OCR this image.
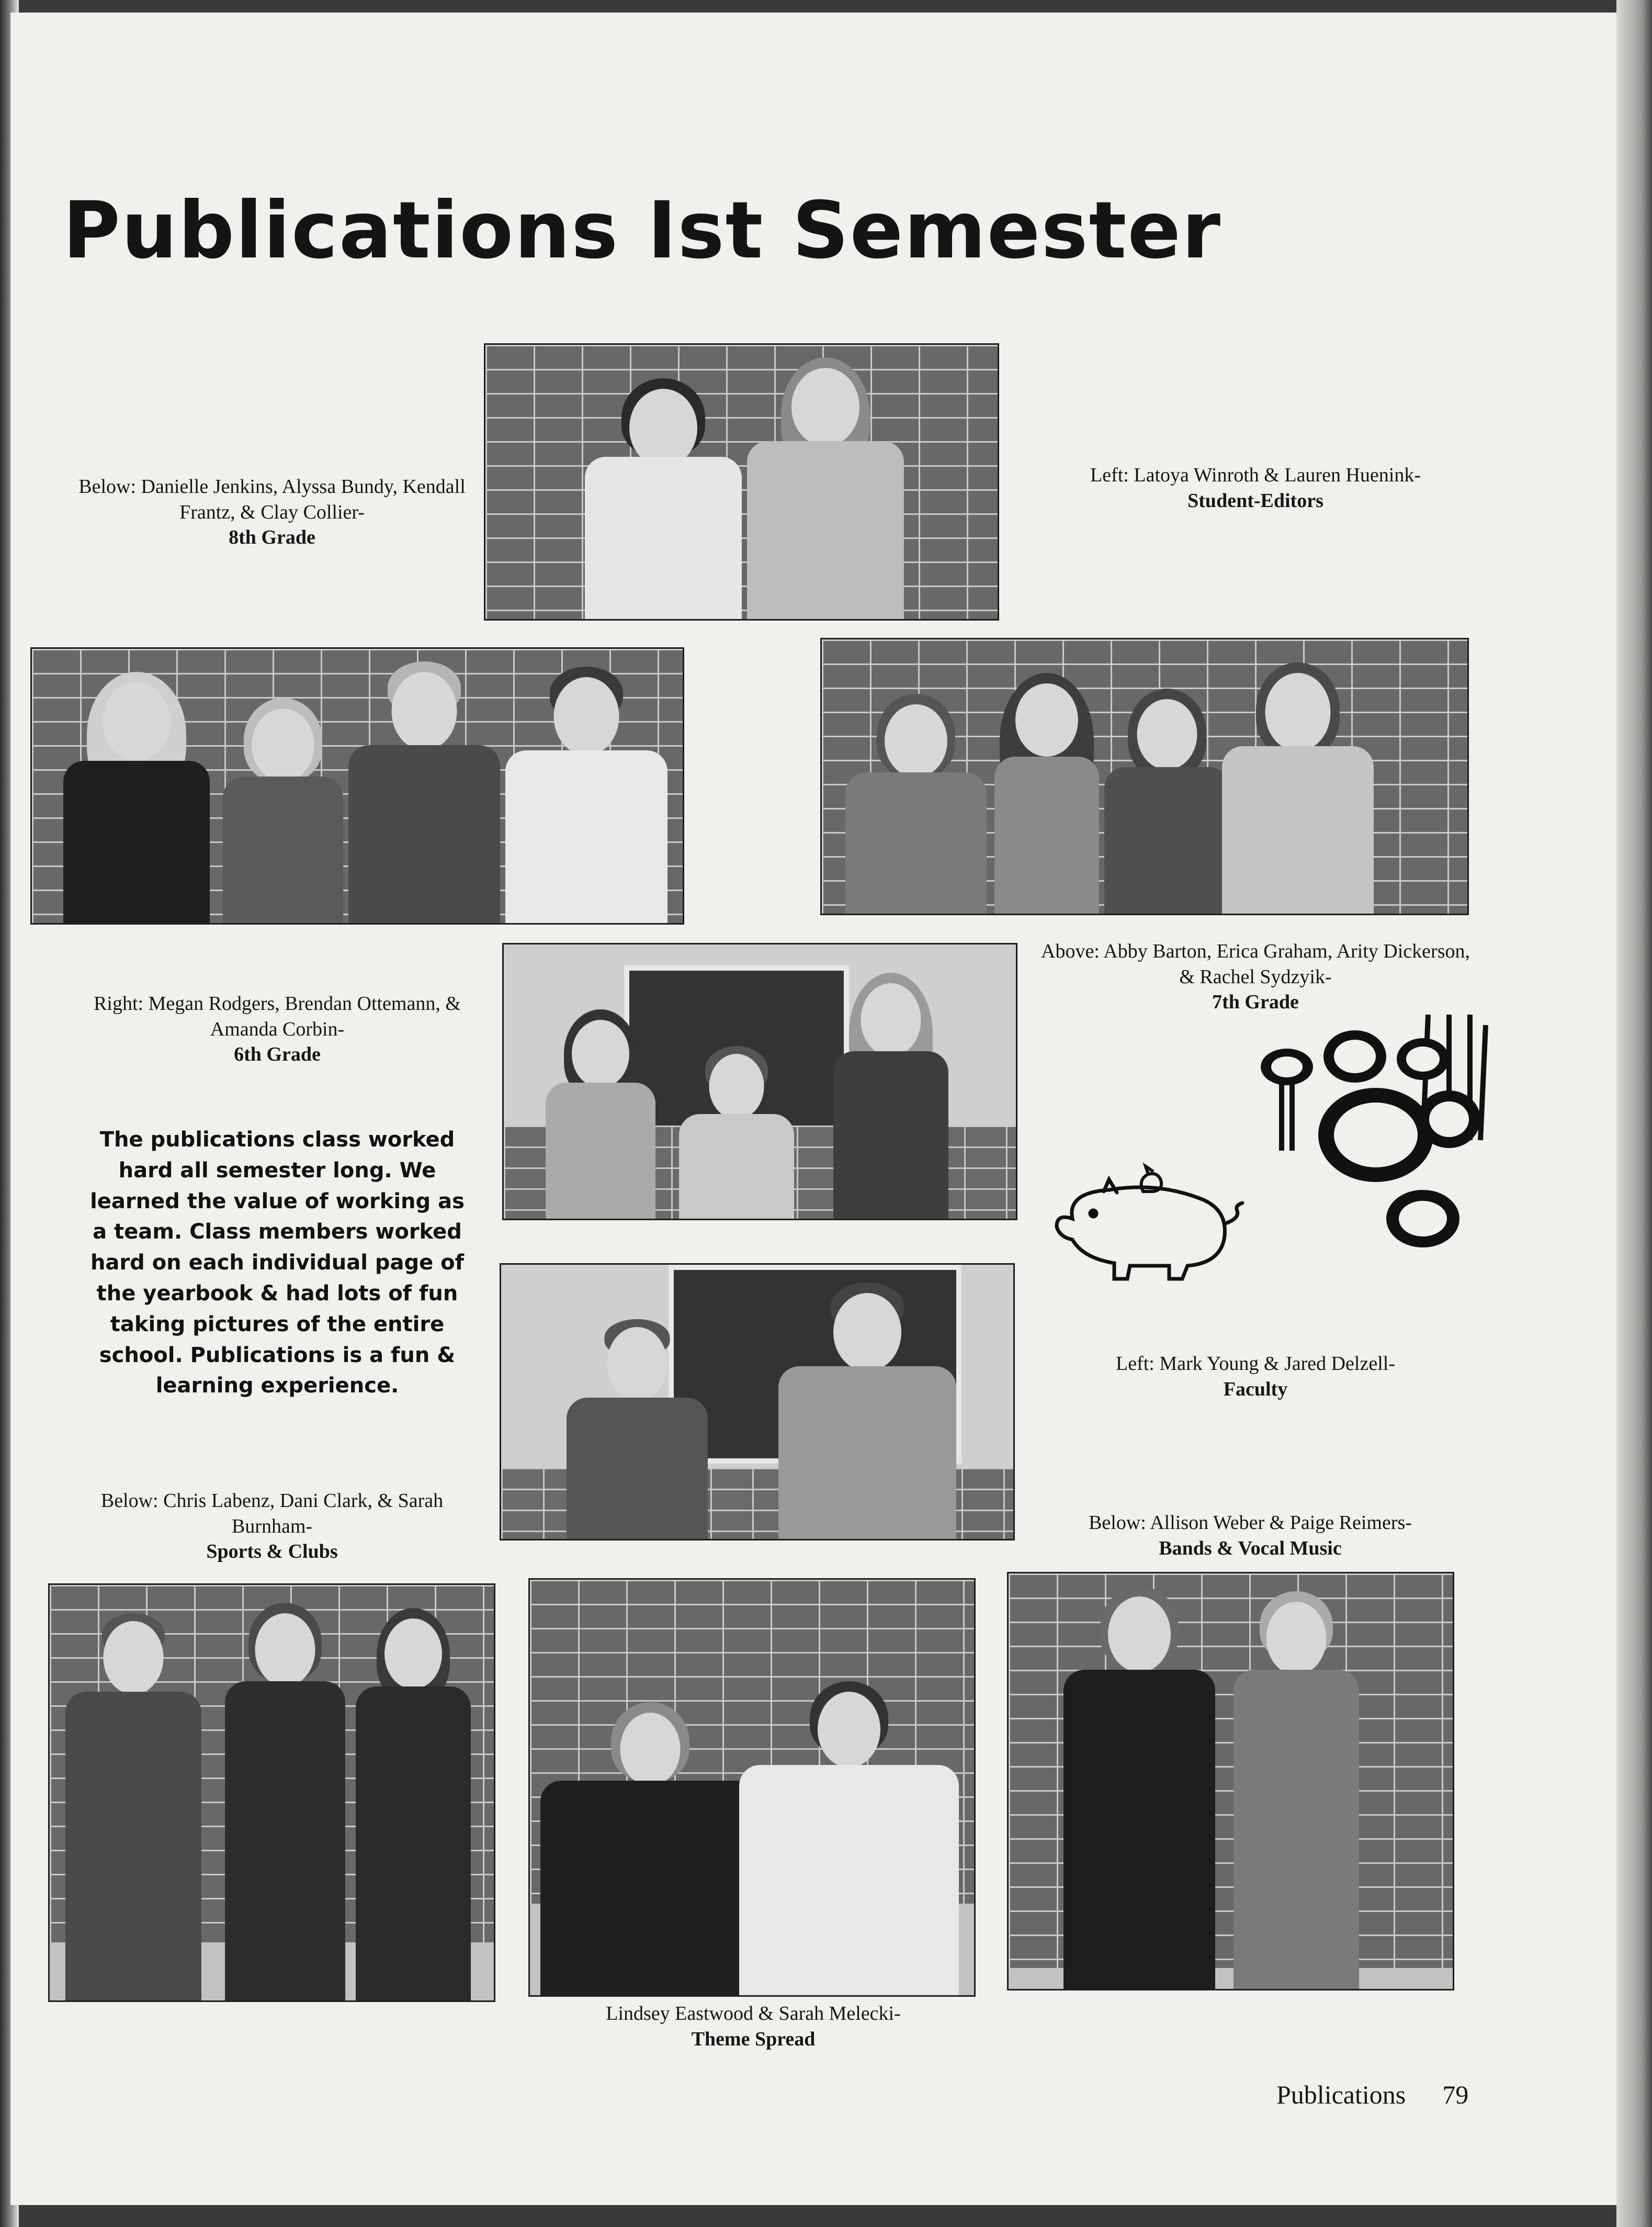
Publications Ist Semester
Left: Latoya Winroth & Lauren Huenink-
Student-Editors
Below: Danielle Jenkins, Alyssa Bundy, Kendall Frantz, & Clay Collier-
8th Grade
Above: Abby Barton, Erica Graham, Arity Dickerson, & Rachel Sydzyik-
7th Grade
Right: Megan Rodgers, Brendan Ottemann, & Amanda Corbin-
6th Grade

The publications class worked hard all semester long. We learned the value of working as a team. Class members worked hard on each individual page of the yearbook & had lots of fun taking pictures of the entire school. Publications is a fun & learning experience.

Left: Mark Young & Jared Delzell-
Faculty
Below: Chris Labenz, Dani Clark, & Sarah Burnham-
Sports & Clubs
Below: Allison Weber & Paige Reimers-
Bands & Vocal Music
Lindsey Eastwood & Sarah Melecki-
Theme Spread
Publications 79
